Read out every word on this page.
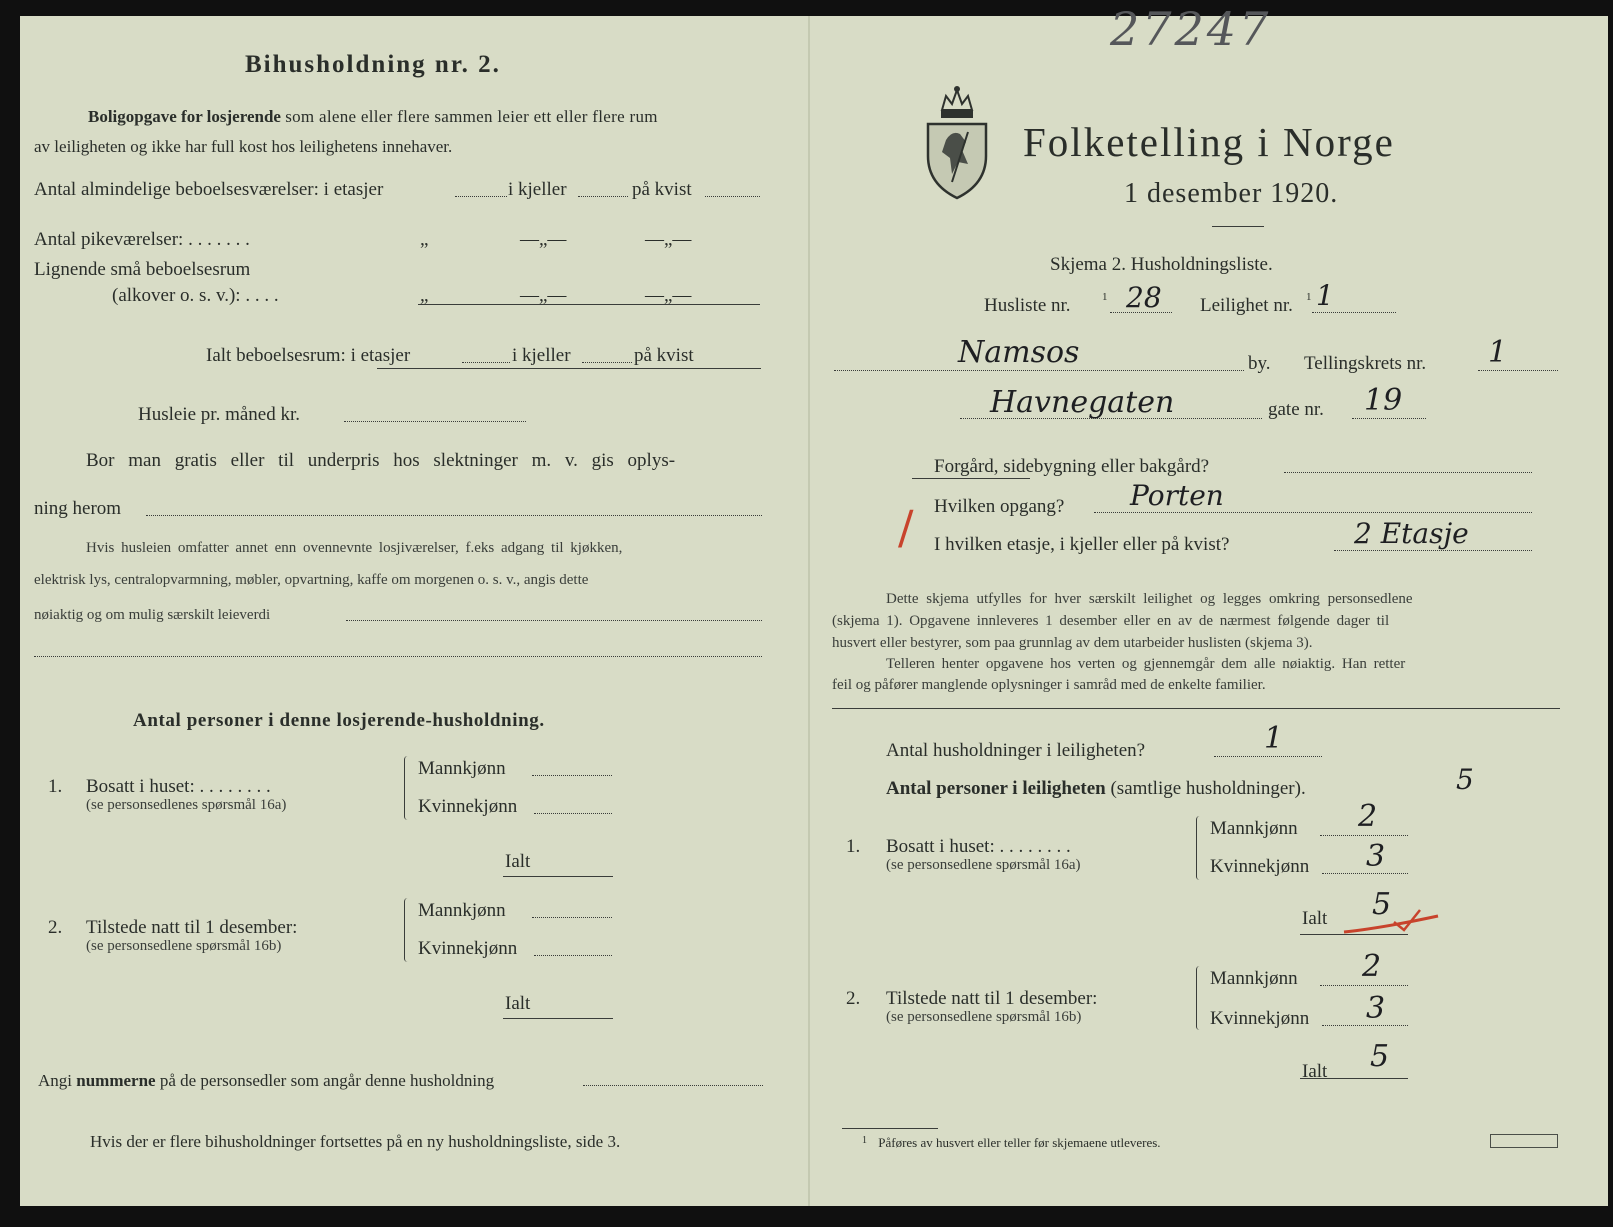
27247
Bihusholdning nr. 2.
Boligopgave for losjerende som alene eller flere sammen leier ett eller flere rum
av leiligheten og ikke har full kost hos leilighetens innehaver.
Antal almindelige beboelsesværelser: i etasjer	i kjeller	på kvist
Antal pikeværelser: . . . . . . .	„	—„—	—„—
Lignende små beboelsesrum
(alkover o. s. v.): . . . .	„	—„—	—„—
Ialt beboelsesrum: i etasjer	i kjeller	på kvist
Husleie pr. måned kr.
Bor man gratis eller til underpris hos slektninger m. v. gis oplys-
ning herom
Hvis husleien omfatter annet enn ovennevnte losjiværelser, f.eks adgang til kjøkken,
elektrisk lys, centralopvarmning, møbler, opvartning, kaffe om morgenen o. s. v., angis dette
nøiaktig og om mulig særskilt leieverdi
Antal personer i denne losjerende-husholdning.
1. Bosatt i huset: . . . . . . . .
(se personsedlenes spørsmål 16a)
Mannkjønn
Kvinnekjønn
Ialt
2. Tilstede natt til 1 desember:
(se personsedlene spørsmål 16b)
Mannkjønn
Kvinnekjønn
Ialt
Angi nummerne på de personsedler som angår denne husholdning
Hvis der er flere bihusholdninger fortsettes på en ny husholdningsliste, side 3.
Folketelling i Norge
1 desember 1920.
Skjema 2. Husholdningsliste.
Husliste nr.	1 28 Leilighet nr. 1 1
Namsos	by. Tellingskrets nr. 1
Havnegaten	gate nr. 19
Forgård, sidebygning eller bakgård?
Hvilken opgang? Porten
/ I hvilken etasje, i kjeller eller på kvist?	2 Etasje
Dette skjema utfylles for hver særskilt leilighet og legges omkring personsedlene
(skjema 1). Opgavene innleveres 1 desember eller en av de nærmest følgende dager til
husvert eller bestyrer, som paa grunnlag av dem utarbeider huslisten (skjema 3).
Telleren henter opgavene hos verten og gjennemgår dem alle nøiaktig. Han retter
feil og påfører manglende oplysninger i samråd med de enkelte familier.
Antal husholdninger i leiligheten?	1
Antal personer i leiligheten (samtlige husholdninger).	5
1. Bosatt i huset: . . . . . . . .
(se personsedlene spørsmål 16a)
Mannkjønn 2
Kvinnekjønn 3
Ialt 5
2. Tilstede natt til 1 desember:
(se personsedlene spørsmål 16b)
Mannkjønn 2
Kvinnekjønn 3
Ialt 5
$^1$ Påføres av husvert eller teller før skjemaene utleveres.
